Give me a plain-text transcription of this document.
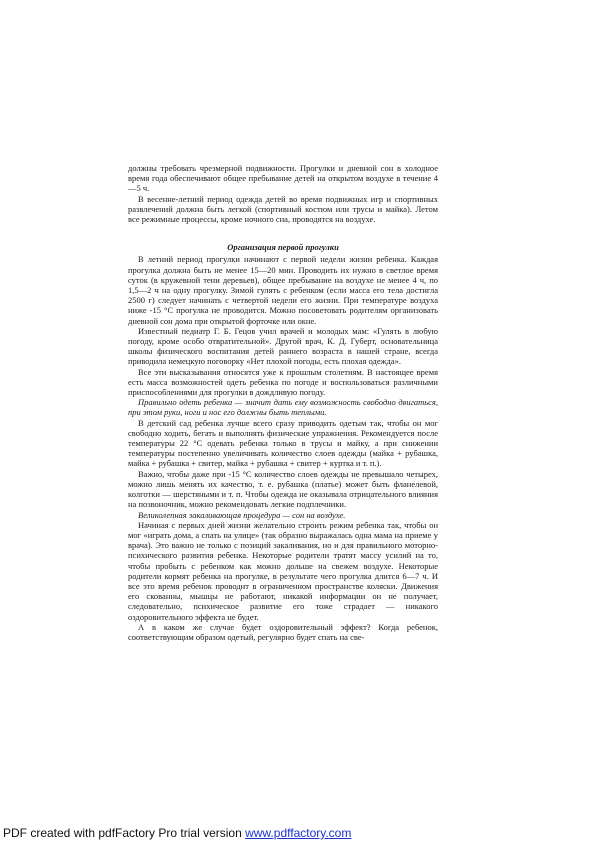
должны требовать чрезмерной подвижности. Прогулки и дневной сон в холодное время года обеспечивают общее пребывание детей на открытом воздухе в течение 4—5 ч.

В весенне-летний период одежда детей во время подвижных игр и спортивных развлечений должна быть легкой (спортивный костюм или трусы и майка). Летом все режимные процессы, кроме ночного сна, проводятся на воздухе.

Организация первой прогулки

В летний период прогулки начинают с первой недели жизни ребенка. Каждая прогулка должна быть не менее 15—20 мин. Проводить их нужно в светлое время суток (в кружевной тени деревьев), общее пребывание на воздухе не менее 4 ч, по 1,5—2 ч на одну прогулку. Зимой гулять с ребенком (если масса его тела достигла 2500 г) следует начинать с четвертой недели его жизни. При температуре воздуха ниже -15 °С прогулка не проводится. Можно посоветовать родителям организовать дневной сон дома при открытой форточке или окне.

Известный педиатр Г. Б. Гецов учил врачей и молодых мам: «Гулять в любую погоду, кроме особо отвратительной». Другой врач, К. Д. Губерт, основательница школы физического воспитания детей раннего возраста в нашей стране, всегда приводила немецкую поговорку «Нет плохой погоды, есть плохая одежда».

Все эти высказывания относятся уже к прошлым столетиям. В настоящее время есть масса возможностей одеть ребенка по погоде и воспользоваться различными приспособлениями для прогулки в дождливую погоду.

Правильно одеть ребенка — значит дать ему возможность свободно двигаться, при этом руки, ноги и нос его должны быть теплыми.

В детский сад ребенка лучше всего сразу приводить одетым так, чтобы он мог свободно ходить, бегать и выполнять физические упражнения. Рекомендуется после температуры 22 °С одевать ребенка только в трусы и майку, а при снижении температуры постепенно увеличивать количество слоев одежды (майка + рубашка, майка + рубашка + свитер, майка + рубашка + свитер + куртка и т. п.).

Важно, чтобы даже при -15 °С количество слоев одежды не превышало четырех, можно лишь менять их качество, т. е. рубашка (платье) может быть фланелевой, колготки — шерстяными и т. п. Чтобы одежда не оказывала отрицательного влияния на позвоночник, можно рекомендовать легкие подплечники.

Великолепная закаливающая процедура — сон на воздухе.

Начиная с первых дней жизни желательно строить режим ребенка так, чтобы он мог «играть дома, а спать на улице» (так образно выражалась одна мама на приеме у врача). Это важно не только с позиций закаливания, но и для правильного моторно-психического развития ребенка. Некоторые родители тратят массу усилий на то, чтобы пробыть с ребенком как можно дольше на свежем воздухе. Некоторые родители кормят ребенка на прогулке, в результате чего прогулка длится 6—7 ч. И все это время ребенок проводит в ограниченном пространстве коляски. Движения его скованны, мышцы не работают, никакой информации он не получает, следовательно, психическое развитие его тоже страдает — никакого оздоровительного эффекта не будет.

А в каком же случае будет оздоровительный эффект? Когда ребенок, соответствующим образом одетый, регулярно будет спать на све-

PDF created with pdfFactory Pro trial version www.pdffactory.com
